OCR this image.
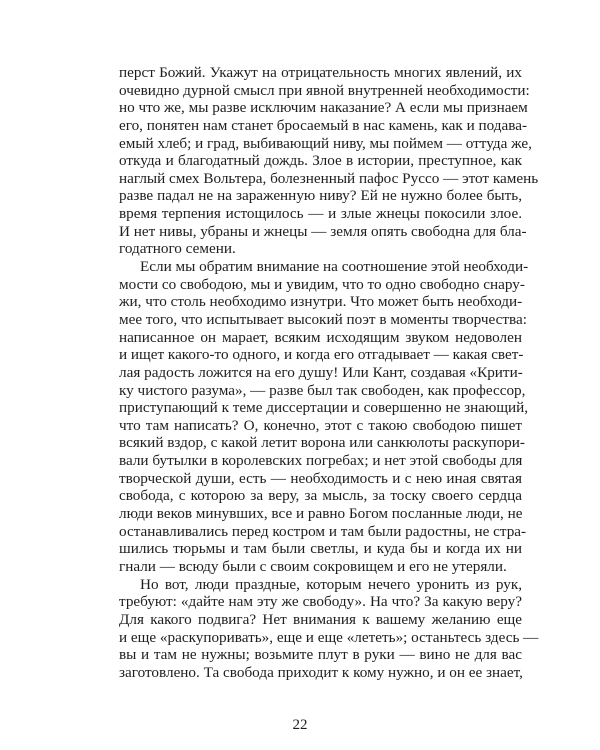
перст Божий. Укажут на отрицательность многих явлений, их
очевидно дурной смысл при явной внутренней необходимости:
но что же, мы разве исключим наказание? А если мы признаем
его, понятен нам станет бросаемый в нас камень, как и подава-
емый хлеб; и град, выбивающий ниву, мы поймем — оттуда же,
откуда и благодатный дождь. Злое в истории, преступное, как
наглый смех Вольтера, болезненный пафос Руссо — этот камень
разве падал не на зараженную ниву? Ей не нужно более быть,
время терпения истощилось — и злые жнецы покосили злое.
И нет нивы, убраны и жнецы — земля опять свободна для бла-
годатного семени.
Если мы обратим внимание на соотношение этой необходи-
мости со свободою, мы и увидим, что то одно свободно снару-
жи, что столь необходимо изнутри. Что может быть необходи-
мее того, что испытывает высокий поэт в моменты творчества:
написанное он марает, всяким исходящим звуком недоволен
и ищет какого-то одного, и когда его отгадывает — какая свет-
лая радость ложится на его душу! Или Кант, создавая «Крити-
ку чистого разума», — разве был так свободен, как профессор,
приступающий к теме диссертации и совершенно не знающий,
что там написать? О, конечно, этот с такою свободою пишет
всякий вздор, с какой летит ворона или санкюлоты раскупори-
вали бутылки в королевских погребах; и нет этой свободы для
творческой души, есть — необходимость и с нею иная святая
свобода, с которою за веру, за мысль, за тоску своего сердца
люди веков минувших, все и равно Богом посланные люди, не
останавливались перед костром и там были радостны, не стра-
шились тюрьмы и там были светлы, и куда бы и когда их ни
гнали — всюду были с своим сокровищем и его не утеряли.
Но вот, люди праздные, которым нечего уронить из рук,
требуют: «дайте нам эту же свободу». На что? За какую веру?
Для какого подвига? Нет внимания к вашему желанию еще
и еще «раскупоривать», еще и еще «лететь»; останьтесь здесь —
вы и там не нужны; возьмите плут в руки — вино не для вас
заготовлено. Та свобода приходит к кому нужно, и он ее знает,
22
